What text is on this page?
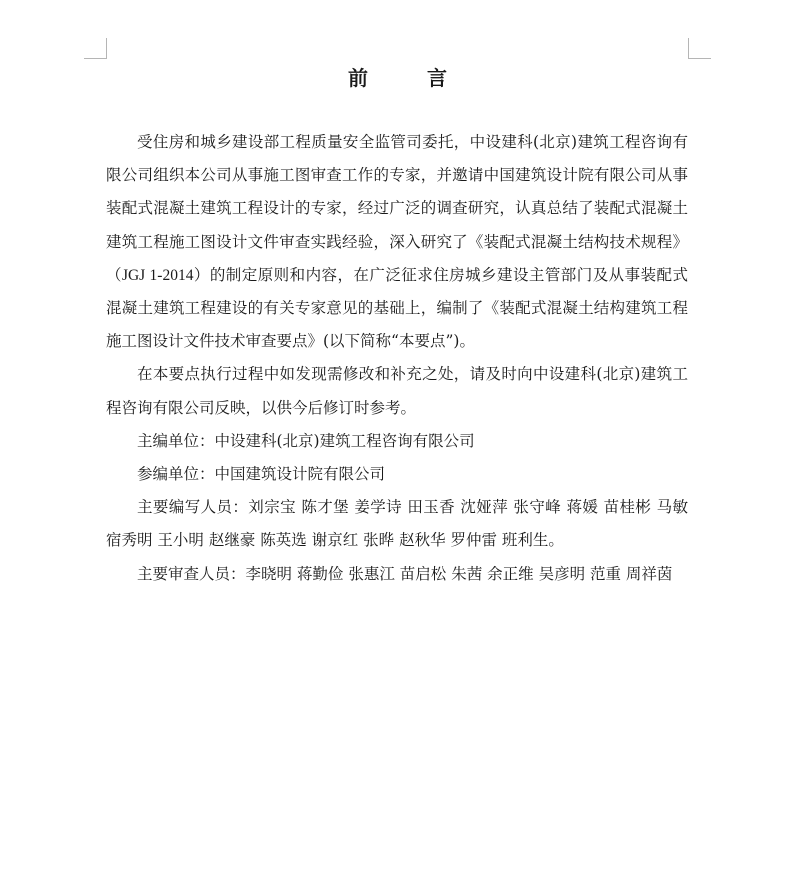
前 言

受住房和城乡建设部工程质量安全监管司委托，中设建科(北京)建筑工程咨询有限公司组织本公司从事施工图审查工作的专家，并邀请中国建筑设计院有限公司从事装配式混凝土建筑工程设计的专家，经过广泛的调查研究，认真总结了装配式混凝土建筑工程施工图设计文件审查实践经验，深入研究了《装配式混凝土结构技术规程》（JGJ 1-2014）的制定原则和内容，在广泛征求住房城乡建设主管部门及从事装配式混凝土建筑工程建设的有关专家意见的基础上，编制了《装配式混凝土结构建筑工程施工图设计文件技术审查要点》(以下简称“本要点”)。

在本要点执行过程中如发现需修改和补充之处，请及时向中设建科(北京)建筑工程咨询有限公司反映，以供今后修订时参考。

主编单位：中设建科(北京)建筑工程咨询有限公司

参编单位：中国建筑设计院有限公司

主要编写人员：刘宗宝 陈才堡 姜学诗 田玉香 沈娅萍 张守峰 蒋媛 苗桂彬 马敏 宿秀明 王小明 赵继豪 陈英选 谢京红 张晔 赵秋华 罗仲雷 班利生。

主要审查人员：李晓明 蒋勤俭 张惠江 苗启松 朱茜 余正维 吴彦明 范重 周祥茵
